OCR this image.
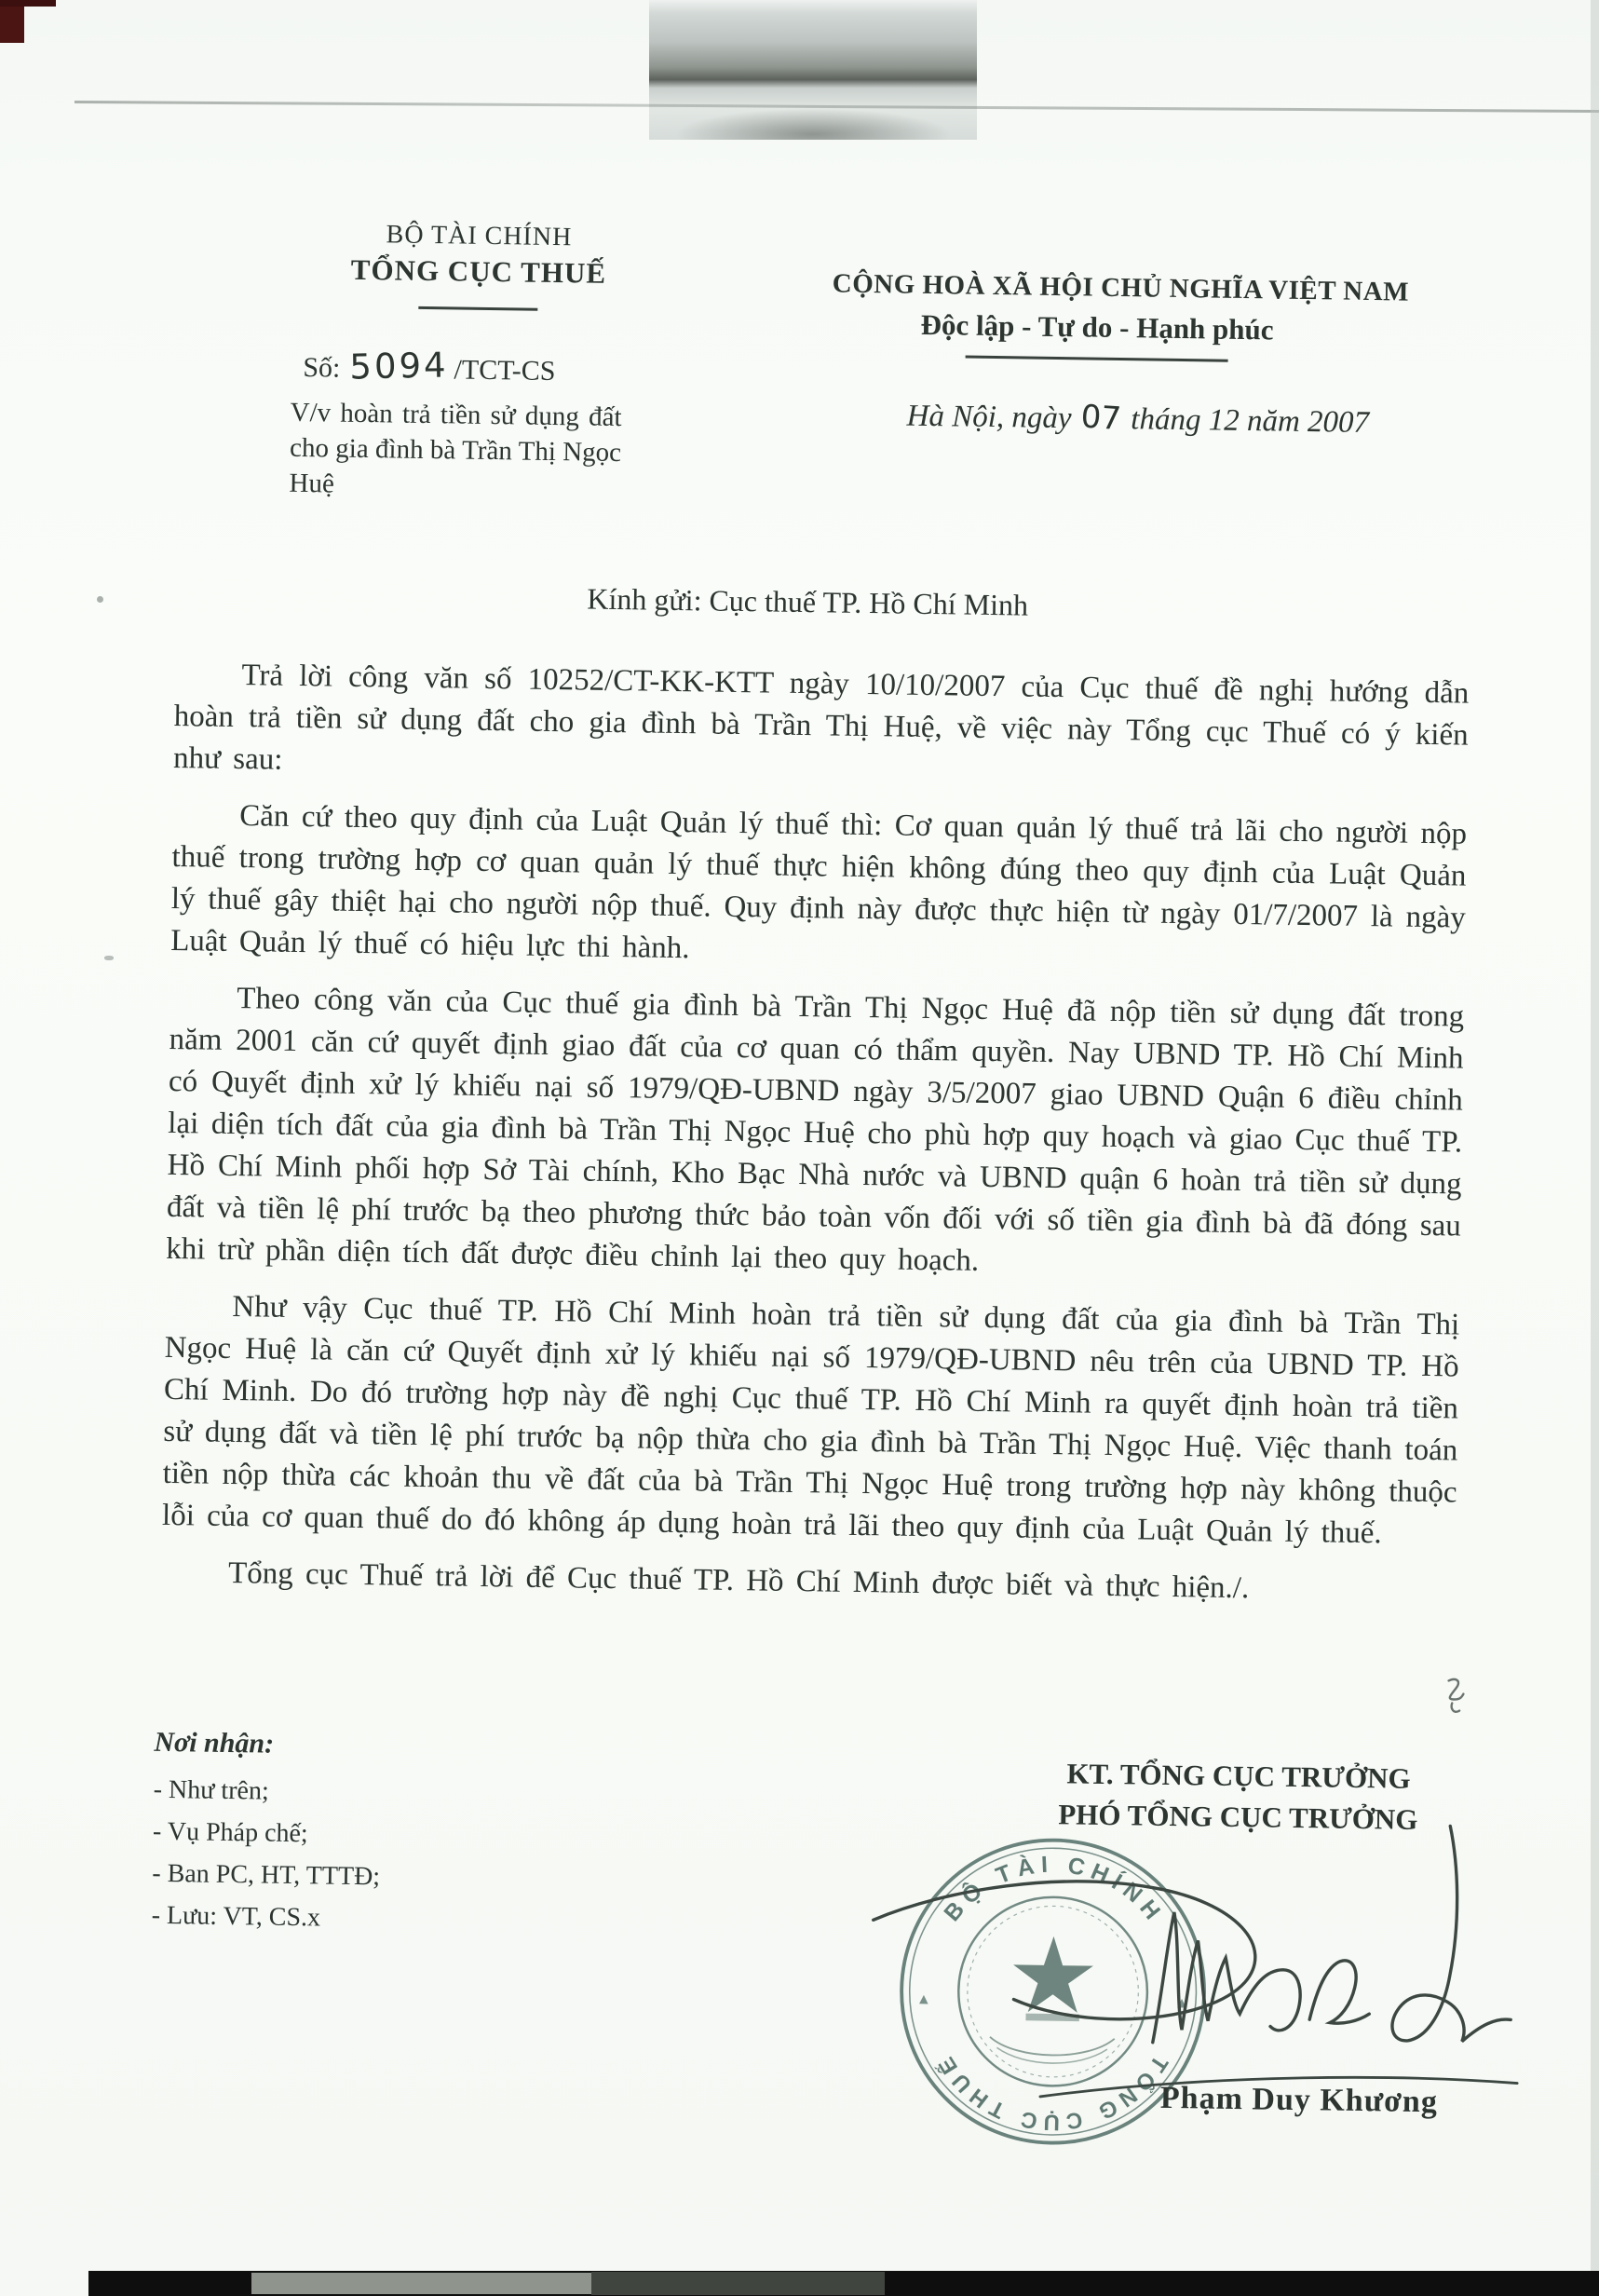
BỘ TÀI CHÍNH
TỔNG CỤC THUẾ
Số: 5094 /TCT-CS
V/v hoàn trả tiền sử dụng đất cho gia đình bà Trần Thị Ngọc Huệ
CỘNG HOÀ XÃ HỘI CHỦ NGHĨA VIỆT NAM
Độc lập - Tự do - Hạnh phúc
Hà Nội, ngày 07 tháng 12 năm 2007
Kính gửi: Cục thuế TP. Hồ Chí Minh

Trả lời công văn số 10252/CT-KK-KTT ngày 10/10/2007 của Cục thuế đề nghị hướng dẫn hoàn trả tiền sử dụng đất cho gia đình bà Trần Thị Huệ, về việc này Tổng cục Thuế có ý kiến như sau:

Căn cứ theo quy định của Luật Quản lý thuế thì: Cơ quan quản lý thuế trả lãi cho người nộp thuế trong trường hợp cơ quan quản lý thuế thực hiện không đúng theo quy định của Luật Quản lý thuế gây thiệt hại cho người nộp thuế. Quy định này được thực hiện từ ngày 01/7/2007 là ngày Luật Quản lý thuế có hiệu lực thi hành.

Theo công văn của Cục thuế gia đình bà Trần Thị Ngọc Huệ đã nộp tiền sử dụng đất trong năm 2001 căn cứ quyết định giao đất của cơ quan có thẩm quyền. Nay UBND TP. Hồ Chí Minh có Quyết định xử lý khiếu nại số 1979/QĐ-UBND ngày 3/5/2007 giao UBND Quận 6 điều chỉnh lại diện tích đất của gia đình bà Trần Thị Ngọc Huệ cho phù hợp quy hoạch và giao Cục thuế TP. Hồ Chí Minh phối hợp Sở Tài chính, Kho Bạc Nhà nước và UBND quận 6 hoàn trả tiền sử dụng đất và tiền lệ phí trước bạ theo phương thức bảo toàn vốn đối với số tiền gia đình bà đã đóng sau khi trừ phần diện tích đất được điều chỉnh lại theo quy hoạch.

Như vậy Cục thuế TP. Hồ Chí Minh hoàn trả tiền sử dụng đất của gia đình bà Trần Thị Ngọc Huệ là căn cứ Quyết định xử lý khiếu nại số 1979/QĐ-UBND nêu trên của UBND TP. Hồ Chí Minh. Do đó trường hợp này đề nghị Cục thuế TP. Hồ Chí Minh ra quyết định hoàn trả tiền sử dụng đất và tiền lệ phí trước bạ nộp thừa cho gia đình bà Trần Thị Ngọc Huệ. Việc thanh toán tiền nộp thừa các khoản thu về đất của bà Trần Thị Ngọc Huệ trong trường hợp này không thuộc lỗi của cơ quan thuế do đó không áp dụng hoàn trả lãi theo quy định của Luật Quản lý thuế.

Tổng cục Thuế trả lời để Cục thuế TP. Hồ Chí Minh được biết và thực hiện./.

Nơi nhận:
- Như trên;
- Vụ Pháp chế;
- Ban PC, HT, TTTĐ;
- Lưu: VT, CS.x
KT. TỔNG CỤC TRƯỞNG
PHÓ TỔNG CỤC TRƯỞNG
BỘ TÀI CHÍNH
TỔNG CỤC THUẾ
Phạm Duy Khương
